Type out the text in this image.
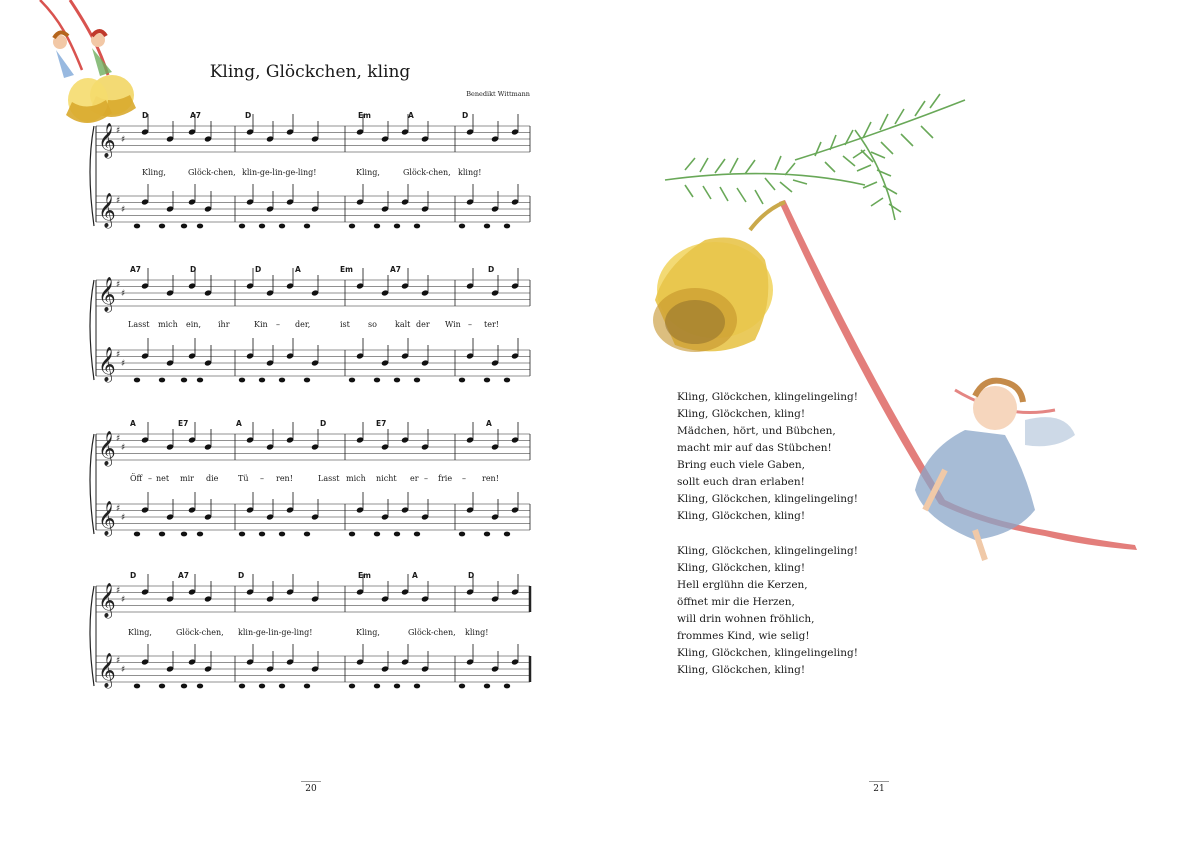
Kling, Glöckchen, kling
Benedikt Wittmann
𝄞 ♯
♯
𝄞 ♯
♯
D	A7	D	Em	A	D
Kling,	Glöck-chen, klin-ge-lin-ge-ling!	Kling,	Glöck-chen, kling!
𝄞 ♯
♯
𝄞 ♯
♯
A7	D	D	A	Em	A7	D
Lasst mich ein, ihr	Kin – der,	ist so kalt der Win – ter!
𝄞 ♯
♯
𝄞 ♯
♯
A	E7	A	D	E7	A
Öff – net mir die Tü – ren!	Lasst mich nicht er – frie – ren!
𝄞 ♯
♯
𝄞 ♯
♯
D	A7	D	Em	A	D
Kling,	Glöck-chen, klin-ge-lin-ge-ling!	Kling,	Glöck-chen, kling!
20
Kling, Glöckchen, klingelingeling!
Kling, Glöckchen, kling!
Mädchen, hört, und Bübchen,
macht mir auf das Stübchen!
Bring euch viele Gaben,
sollt euch dran erlaben!
Kling, Glöckchen, klingelingeling!
Kling, Glöckchen, kling!
Kling, Glöckchen, klingelingeling!
Kling, Glöckchen, kling!
Hell erglühn die Kerzen,
öffnet mir die Herzen,
will drin wohnen fröhlich,
frommes Kind, wie selig!
Kling, Glöckchen, klingelingeling!
Kling, Glöckchen, kling!
21
